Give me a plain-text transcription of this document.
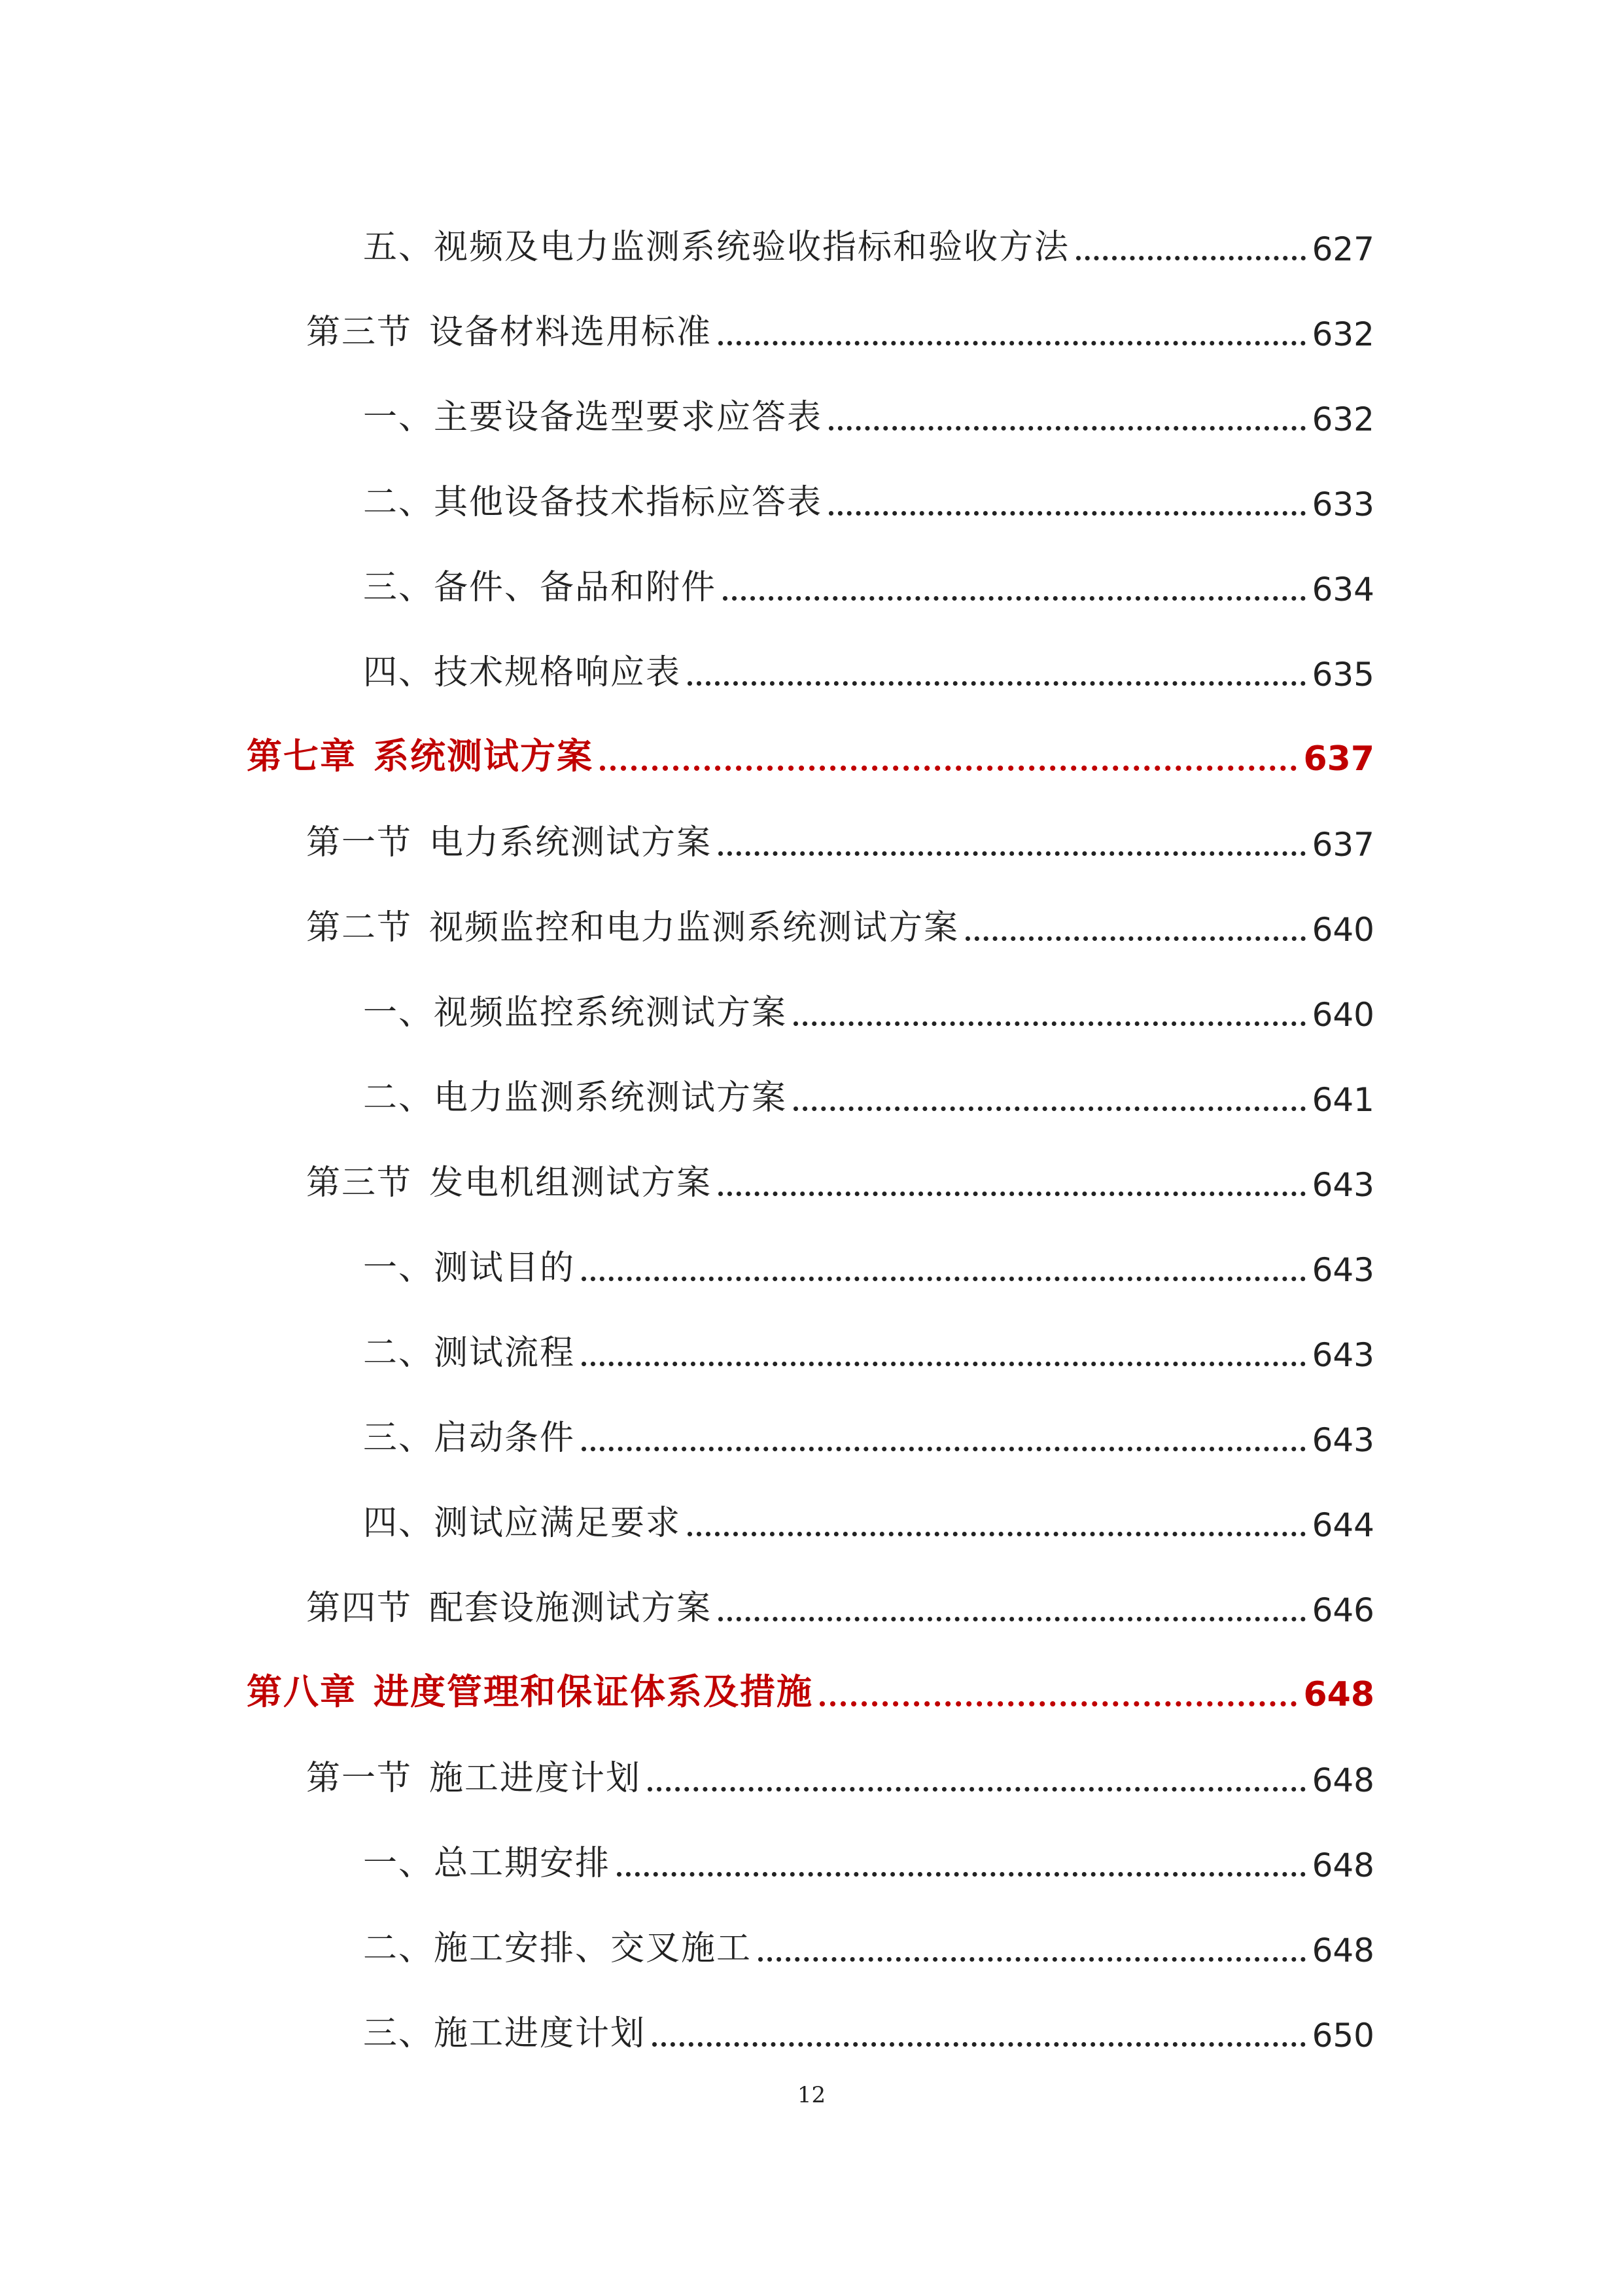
五、视频及电力监测系统验收指标和验收方法	627
第三节 设备材料选用标准	632
一、主要设备选型要求应答表	632
二、其他设备技术指标应答表	633
三、备件、备品和附件	634
四、技术规格响应表	635
第七章 系统测试方案	637
第一节 电力系统测试方案	637
第二节 视频监控和电力监测系统测试方案	640
一、视频监控系统测试方案	640
二、电力监测系统测试方案	641
第三节 发电机组测试方案	643
一、测试目的	643
二、测试流程	643
三、启动条件	643
四、测试应满足要求	644
第四节 配套设施测试方案	646
第八章 进度管理和保证体系及措施	648
第一节 施工进度计划	648
一、总工期安排	648
二、施工安排、交叉施工	648
三、施工进度计划	650
12
